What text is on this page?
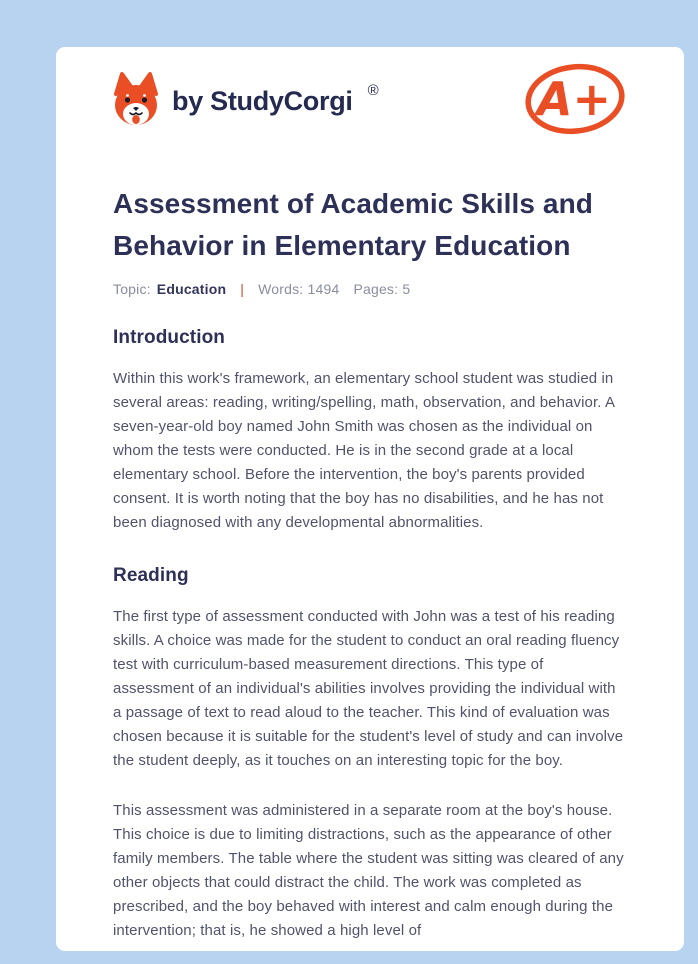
by StudyCorgi ®	A+
Assessment of Academic Skills and Behavior in Elementary Education
Topic: Education | Words: 1494 Pages: 5
Introduction

Within this work's framework, an elementary school student was studied in several areas: reading, writing/spelling, math, observation, and behavior. A seven-year-old boy named John Smith was chosen as the individual on whom the tests were conducted. He is in the second grade at a local elementary school. Before the intervention, the boy's parents provided consent. It is worth noting that the boy has no disabilities, and he has not been diagnosed with any developmental abnormalities.

Reading

The first type of assessment conducted with John was a test of his reading skills. A choice was made for the student to conduct an oral reading fluency test with curriculum-based measurement directions. This type of assessment of an individual's abilities involves providing the individual with a passage of text to read aloud to the teacher. This kind of evaluation was chosen because it is suitable for the student's level of study and can involve the student deeply, as it touches on an interesting topic for the boy.

This assessment was administered in a separate room at the boy's house. This choice is due to limiting distractions, such as the appearance of other family members. The table where the student was sitting was cleared of any other objects that could distract the child. The work was completed as prescribed, and the boy behaved with interest and calm enough during the intervention; that is, he showed a high level of
